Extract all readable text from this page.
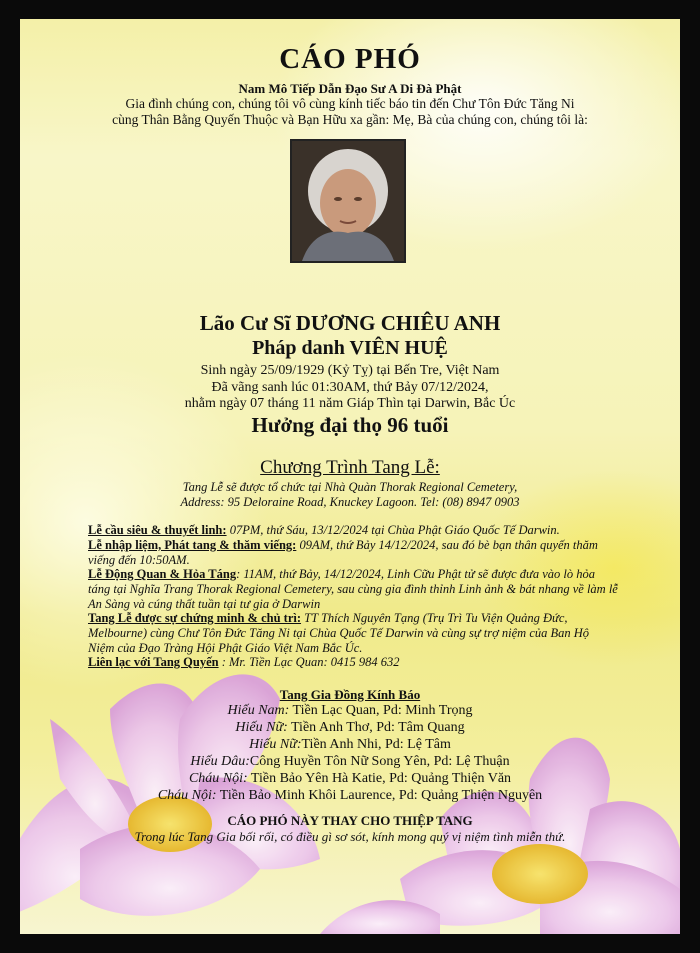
CÁO PHÓ
Nam Mô Tiếp Dẫn Đạo Sư A Di Đà Phật
Gia đình chúng con, chúng tôi vô cùng kính tiếc báo tin đến Chư Tôn Đức Tăng Ni
cùng Thân Bằng Quyến Thuộc và Bạn Hữu xa gần: Mẹ, Bà của chúng con, chúng tôi là:
Lão Cư Sĩ DƯƠNG CHIÊU ANH
Pháp danh VIÊN HUỆ
Sinh ngày 25/09/1929 (Kỷ Tỵ) tại Bến Tre, Việt Nam
Đã vãng sanh lúc 01:30AM, thứ Bảy 07/12/2024,
nhằm ngày 07 tháng 11 năm Giáp Thìn tại Darwin, Bắc Úc
Hưởng đại thọ 96 tuổi
Chương Trình Tang Lễ:
Tang Lễ sẽ được tổ chức tại Nhà Quàn Thorak Regional Cemetery,
Address: 95 Deloraine Road, Knuckey Lagoon. Tel: (08) 8947 0903
Lễ cầu siêu & thuyết linh: 07PM, thứ Sáu, 13/12/2024 tại Chùa Phật Giáo Quốc Tế Darwin.
Lễ nhập liệm, Phát tang & thăm viếng: 09AM, thứ Bảy 14/12/2024, sau đó bè bạn thân quyến thăm viếng đến 10:50AM.
Lễ Động Quan & Hỏa Táng: 11AM, thứ Bảy, 14/12/2024, Linh Cữu Phật tử sẽ được đưa vào lò hỏa táng tại Nghĩa Trang Thorak Regional Cemetery, sau cùng gia đình thỉnh Linh ảnh & bát nhang về làm lễ An Sàng và cúng thất tuần tại tư gia ở Darwin
Tang Lễ được sự chứng minh & chủ trì: TT Thích Nguyên Tạng (Trụ Trì Tu Viện Quảng Đức, Melbourne) cùng Chư Tôn Đức Tăng Ni tại Chùa Quốc Tế Darwin và cùng sự trợ niệm của Ban Hộ Niệm của Đạo Tràng Hội Phật Giáo Việt Nam Bắc Úc.
Liên lạc với Tang Quyến : Mr. Tiền Lạc Quan: 0415 984 632
Tang Gia Đồng Kính Báo
Hiếu Nam: Tiền Lạc Quan, Pd: Minh Trọng
Hiếu Nữ: Tiền Anh Thơ, Pd: Tâm Quang
Hiếu Nữ:Tiền Anh Nhi, Pd: Lệ Tâm
Hiếu Dâu:Công Huyền Tôn Nữ Song Yên, Pd: Lệ Thuận
Cháu Nội: Tiền Bảo Yên Hà Katie, Pd: Quảng Thiện Văn
Cháu Nội: Tiền Bảo Minh Khôi Laurence, Pd: Quảng Thiện Nguyên
CÁO PHÓ NÀY THAY CHO THIỆP TANG
Trong lúc Tang Gia bối rối, có điều gì sơ sót, kính mong quý vị niệm tình miễn thứ.
